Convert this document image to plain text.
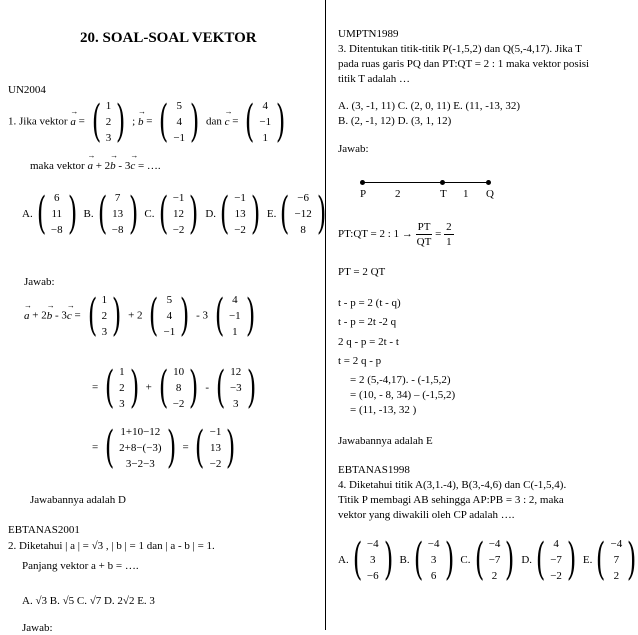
20. SOAL-SOAL VEKTOR
UN2004
1. Jika vektor → a = ( 1
2
3 ) ; → b = ( 5
4
−1 ) dan → c = ( 4
−1
1 )
maka vektor → a + 2→ b - 3→ c = ….
A. ( 6
11
−8 ) B. ( 7
13
−8 ) C. ( −1
12
−2 ) D. ( −1
13
−2 ) E. ( −6
−12
8 )
Jawab:
→ a + 2→ b - 3→ c = ( 1
2
3 ) + 2 ( 5
4
−1 ) - 3 ( 4
−1
1 )
= ( 1
2
3 ) + ( 10
8
−2 ) - ( 12
−3
3 )
= ( 1+10−12
2+8−(−3)
3−2−3 ) = ( −1
13
−2 )
Jawabannya adalah D
EBTANAS2001
2. Diketahui | a | = √3 , | b | = 1 dan | a - b | = 1.
Panjang vektor a + b = ….
A. √3 B. √5 C. √7 D. 2√2 E. 3
Jawab:
UMPTN1989
3. Ditentukan titik-titik P(-1,5,2) dan Q(5,-4,17). Jika T
pada ruas garis PQ dan PT:QT = 2 : 1 maka vektor posisi
titik T adalah …
A. (3, -1, 11) C. (2, 0, 11) E. (11, -13, 32)
B. (2, -1, 12) D. (3, 1, 12)
Jawab:
P	2	T 1 Q
PT:QT = 2 : $1 \to \frac{PT}{QT} = \frac{2}{1}$
PT = 2 QT
t - p = 2 (t - q)
t - p = 2t -2 q
2 q - p = 2t - t
t = 2 q - p
= 2 (5,-4,17). - (-1,5,2)
= (10, - 8, 34) – (-1,5,2)
= (11, -13, 32 )
Jawabannya adalah E
EBTANAS1998
4. Diketahui titik A(3,1.-4), B(3,-4,6) dan C(-1,5,4).
Titik P membagi AB sehingga AP:PB = 3 : 2, maka
vektor yang diwakili oleh CP adalah ….
A. ( −4
3
−6 ) B. ( −4
3
6 ) C. ( −4
−7
2 ) D. ( 4
−7
−2 ) E. ( −4
7
2 )
